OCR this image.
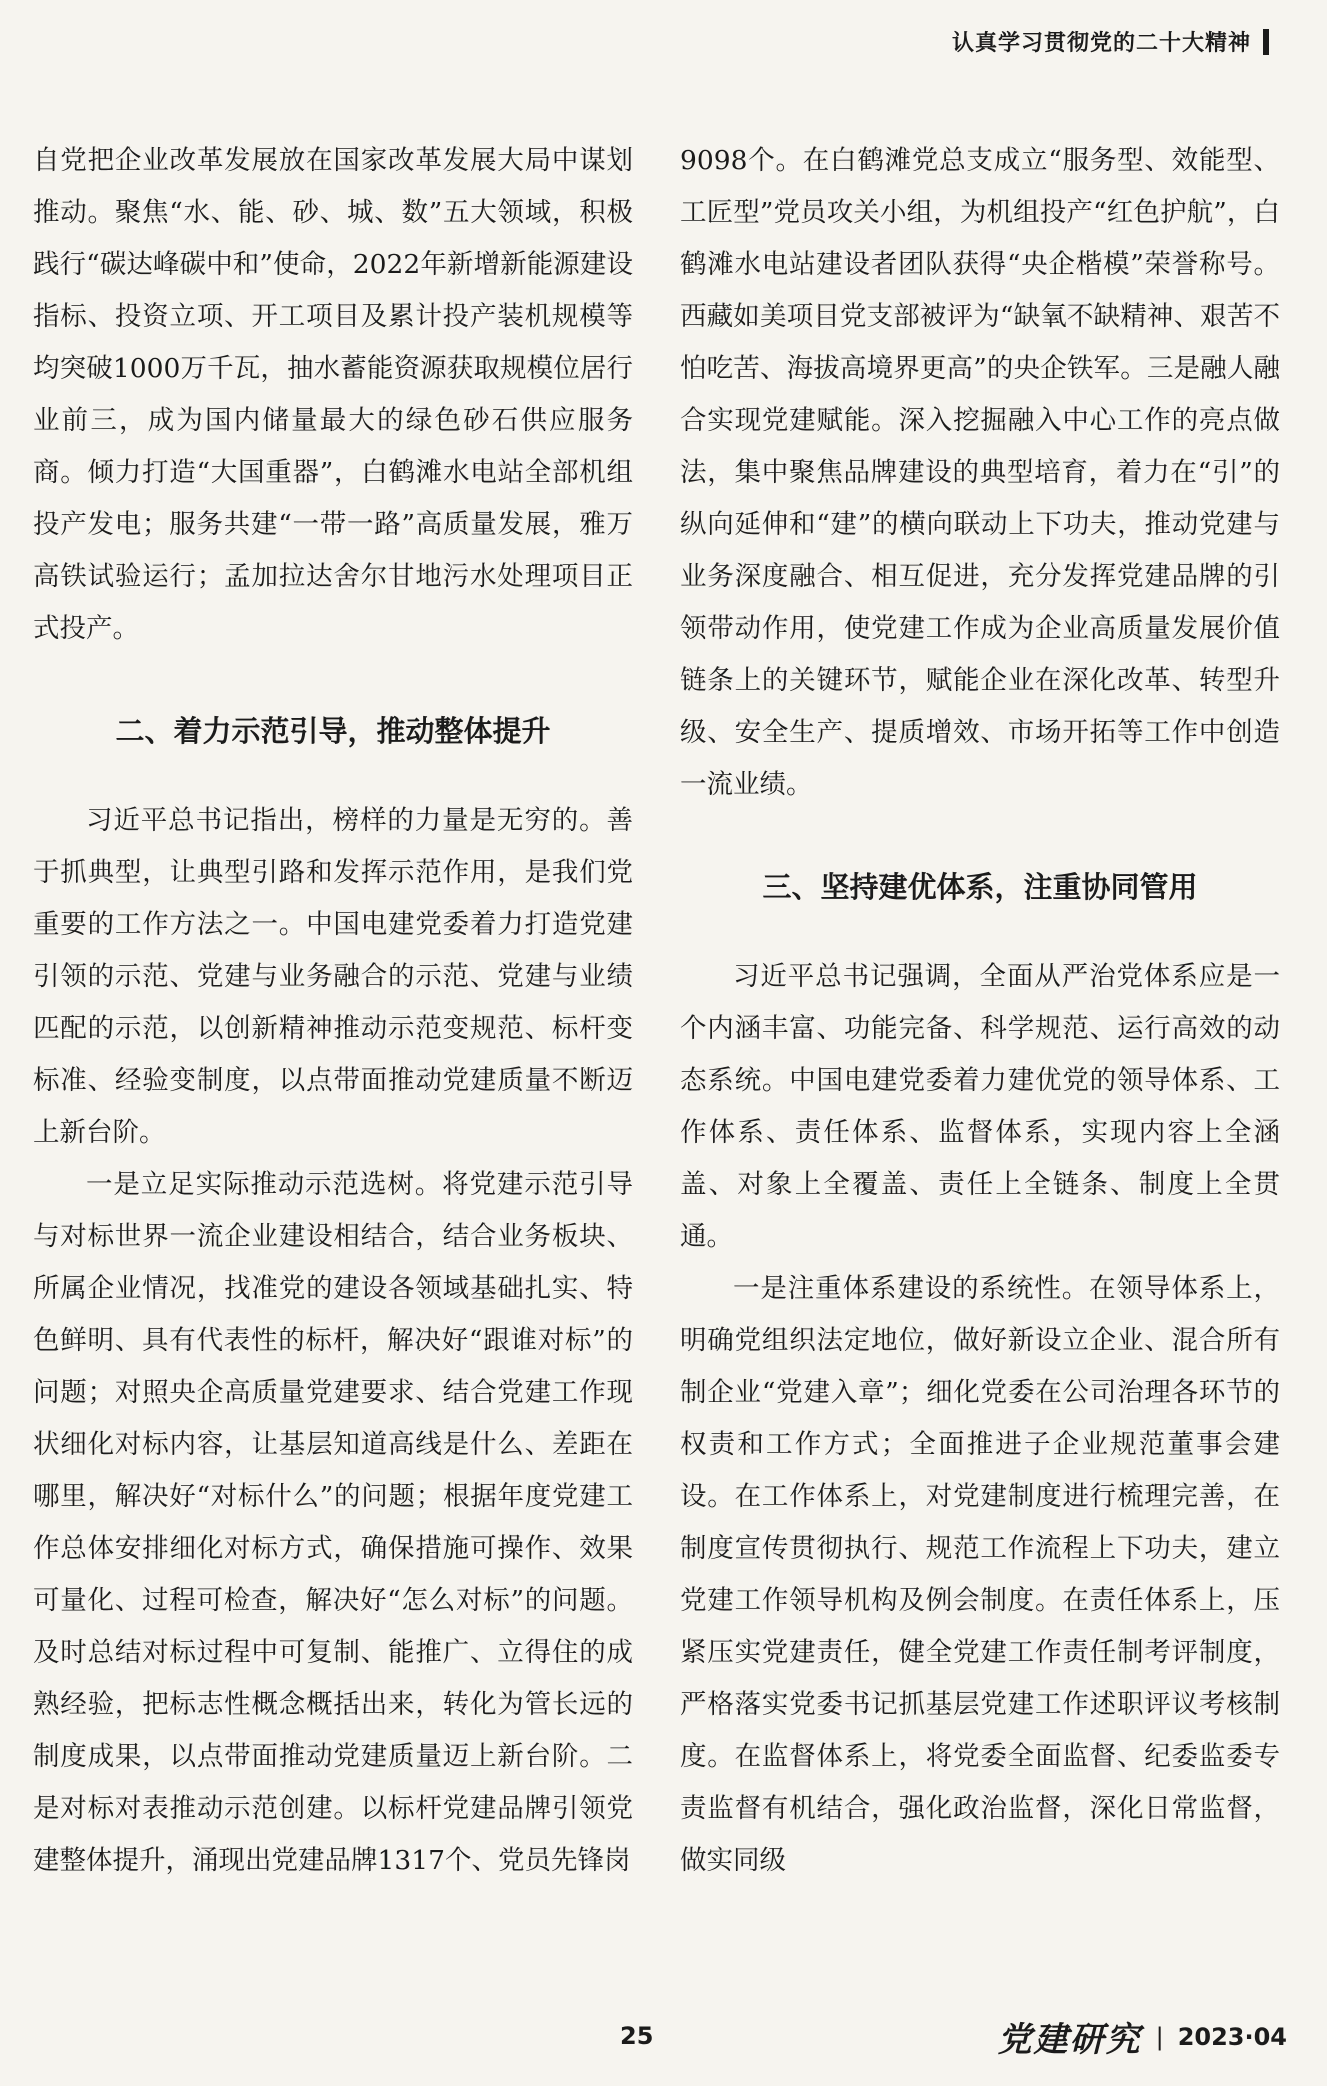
认真学习贯彻党的二十大精神

自党把企业改革发展放在国家改革发展大局中谋划推动。聚焦“水、能、砂、城、数”五大领域，积极践行“碳达峰碳中和”使命，2022年新增新能源建设指标、投资立项、开工项目及累计投产装机规模等均突破1000万千瓦，抽水蓄能资源获取规模位居行业前三，成为国内储量最大的绿色砂石供应服务商。倾力打造“大国重器”，白鹤滩水电站全部机组投产发电；服务共建“一带一路”高质量发展，雅万高铁试验运行；孟加拉达舍尔甘地污水处理项目正式投产。

二、着力示范引导，推动整体提升

习近平总书记指出，榜样的力量是无穷的。善于抓典型，让典型引路和发挥示范作用，是我们党重要的工作方法之一。中国电建党委着力打造党建引领的示范、党建与业务融合的示范、党建与业绩匹配的示范，以创新精神推动示范变规范、标杆变标准、经验变制度，以点带面推动党建质量不断迈上新台阶。

一是立足实际推动示范选树。将党建示范引导与对标世界一流企业建设相结合，结合业务板块、所属企业情况，找准党的建设各领域基础扎实、特色鲜明、具有代表性的标杆，解决好“跟谁对标”的问题；对照央企高质量党建要求、结合党建工作现状细化对标内容，让基层知道高线是什么、差距在哪里，解决好“对标什么”的问题；根据年度党建工作总体安排细化对标方式，确保措施可操作、效果可量化、过程可检查，解决好“怎么对标”的问题。及时总结对标过程中可复制、能推广、立得住的成熟经验，把标志性概念概括出来，转化为管长远的制度成果，以点带面推动党建质量迈上新台阶。二是对标对表推动示范创建。以标杆党建品牌引领党建整体提升，涌现出党建品牌1317个、党员先锋岗

9098个。在白鹤滩党总支成立“服务型、效能型、工匠型”党员攻关小组，为机组投产“红色护航”，白鹤滩水电站建设者团队获得“央企楷模”荣誉称号。西藏如美项目党支部被评为“缺氧不缺精神、艰苦不怕吃苦、海拔高境界更高”的央企铁军。三是融人融合实现党建赋能。深入挖掘融入中心工作的亮点做法，集中聚焦品牌建设的典型培育，着力在“引”的纵向延伸和“建”的横向联动上下功夫，推动党建与业务深度融合、相互促进，充分发挥党建品牌的引领带动作用，使党建工作成为企业高质量发展价值链条上的关键环节，赋能企业在深化改革、转型升级、安全生产、提质增效、市场开拓等工作中创造一流业绩。

三、坚持建优体系，注重协同管用

习近平总书记强调，全面从严治党体系应是一个内涵丰富、功能完备、科学规范、运行高效的动态系统。中国电建党委着力建优党的领导体系、工作体系、责任体系、监督体系，实现内容上全涵盖、对象上全覆盖、责任上全链条、制度上全贯通。

一是注重体系建设的系统性。在领导体系上，明确党组织法定地位，做好新设立企业、混合所有制企业“党建入章”；细化党委在公司治理各环节的权责和工作方式；全面推进子企业规范董事会建设。在工作体系上，对党建制度进行梳理完善，在制度宣传贯彻执行、规范工作流程上下功夫，建立党建工作领导机构及例会制度。在责任体系上，压紧压实党建责任，健全党建工作责任制考评制度，严格落实党委书记抓基层党建工作述职评议考核制度。在监督体系上，将党委全面监督、纪委监委专责监督有机结合，强化政治监督，深化日常监督，做实同级

25	党建研究 | 2023·04
